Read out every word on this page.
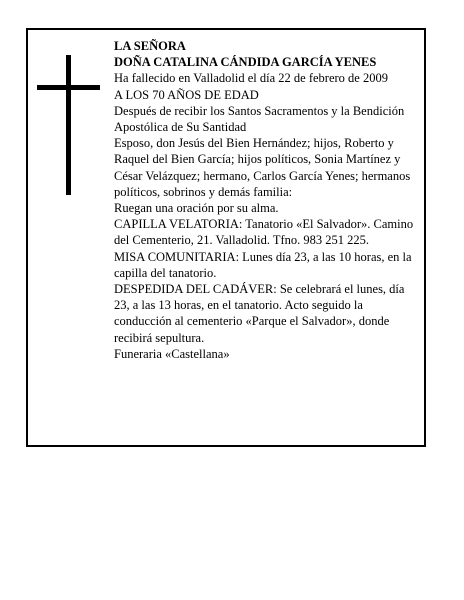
LA SEÑORA

DOÑA CATALINA CÁNDIDA GARCÍA YENES

Ha fallecido en Valladolid el día 22 de febrero de 2009

A LOS 70 AÑOS DE EDAD

Después de recibir los Santos Sacramentos y la Bendición Apostólica de Su Santidad

Esposo, don Jesús del Bien Hernández; hijos, Roberto y Raquel del Bien García; hijos políticos, Sonia Martínez y César Velázquez; hermano, Carlos García Yenes; hermanos políticos, sobrinos y demás familia:

Ruegan una oración por su alma.

CAPILLA VELATORIA: Tanatorio «El Salvador». Camino del Cementerio, 21. Valladolid. Tfno. 983 251 225.

MISA COMUNITARIA: Lunes día 23, a las 10 horas, en la capilla del tanatorio.

DESPEDIDA DEL CADÁVER: Se celebrará el lunes, día 23, a las 13 horas, en el tanatorio. Acto seguido la conducción al cementerio «Parque el Salvador», donde recibirá sepultura.

Funeraria «Castellana»
